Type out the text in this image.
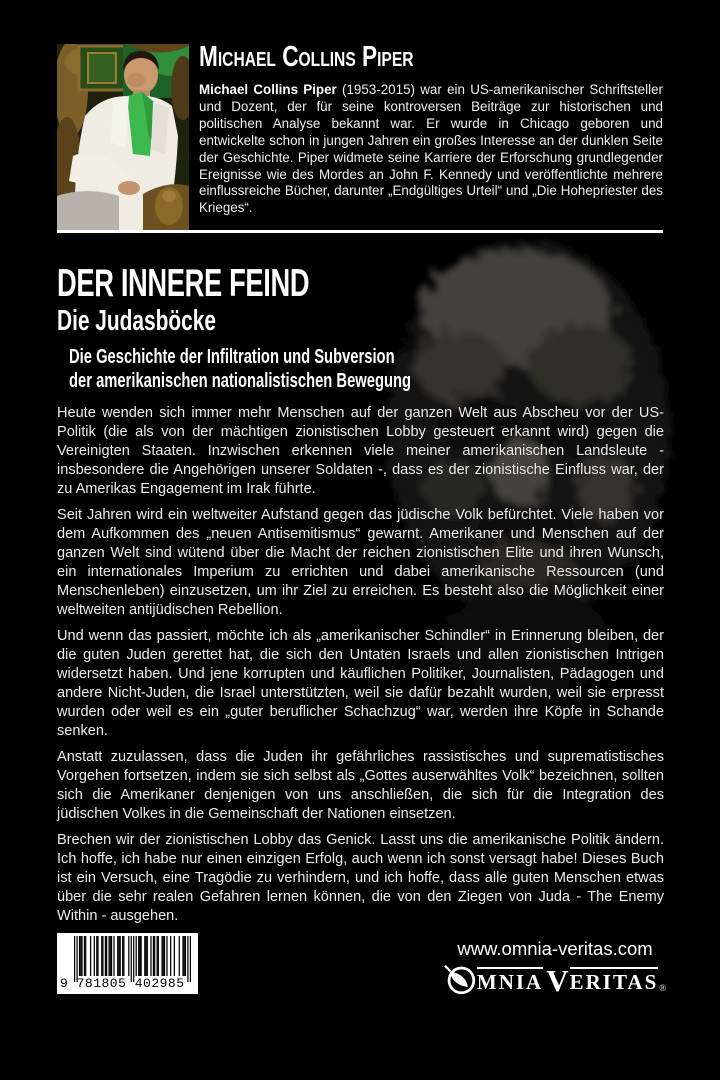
Michael Collins Piper

Michael Collins Piper (1953-2015) war ein US-amerikanischer Schriftsteller und Dozent, der für seine kontroversen Beiträge zur historischen und politischen Analyse bekannt war. Er wurde in Chicago geboren und entwickelte schon in jungen Jahren ein großes Interesse an der dunklen Seite der Geschichte. Piper widmete seine Karriere der Erforschung grundlegender Ereignisse wie des Mordes an John F. Kennedy und veröffentlichte mehrere einflussreiche Bücher, darunter „Endgültiges Urteil“ und „Die Hohepriester des Krieges“.

DER INNERE FEIND
Die Judasböcke
Die Geschichte der Infiltration und Subversion
der amerikanischen nationalistischen Bewegung

Heute wenden sich immer mehr Menschen auf der ganzen Welt aus Abscheu vor der US-Politik (die als von der mächtigen zionistischen Lobby gesteuert erkannt wird) gegen die Vereinigten Staaten. Inzwischen erkennen viele meiner amerikanischen Landsleute - insbesondere die Angehörigen unserer Soldaten -, dass es der zionistische Einfluss war, der zu Amerikas Engagement im Irak führte.

Seit Jahren wird ein weltweiter Aufstand gegen das jüdische Volk befürchtet. Viele haben vor dem Aufkommen des „neuen Antisemitismus“ gewarnt. Amerikaner und Menschen auf der ganzen Welt sind wütend über die Macht der reichen zionistischen Elite und ihren Wunsch, ein internationales Imperium zu errichten und dabei amerikanische Ressourcen (und Menschenleben) einzusetzen, um ihr Ziel zu erreichen. Es besteht also die Möglichkeit einer weltweiten antijüdischen Rebellion.

Und wenn das passiert, möchte ich als „amerikanischer Schindler“ in Erinnerung bleiben, der die guten Juden gerettet hat, die sich den Untaten Israels und allen zionistischen Intrigen widersetzt haben. Und jene korrupten und käuflichen Politiker, Journalisten, Pädagogen und andere Nicht-Juden, die Israel unterstützten, weil sie dafür bezahlt wurden, weil sie erpresst wurden oder weil es ein „guter beruflicher Schachzug“ war, werden ihre Köpfe in Schande senken.

Anstatt zuzulassen, dass die Juden ihr gefährliches rassistisches und suprematistisches Vorgehen fortsetzen, indem sie sich selbst als „Gottes auserwähltes Volk“ bezeichnen, sollten sich die Amerikaner denjenigen von uns anschließen, die sich für die Integration des jüdischen Volkes in die Gemeinschaft der Nationen einsetzen.

Brechen wir der zionistischen Lobby das Genick. Lasst uns die amerikanische Politik ändern. Ich hoffe, ich habe nur einen einzigen Erfolg, auch wenn ich sonst versagt habe! Dieses Buch ist ein Versuch, eine Tragödie zu verhindern, und ich hoffe, dass alle guten Menschen etwas über die sehr realen Gefahren lernen können, die von den Ziegen von Juda - The Enemy Within - ausgehen.

9 781805 402985
www.omnia-veritas.com
MNIA V ERITAS ®
